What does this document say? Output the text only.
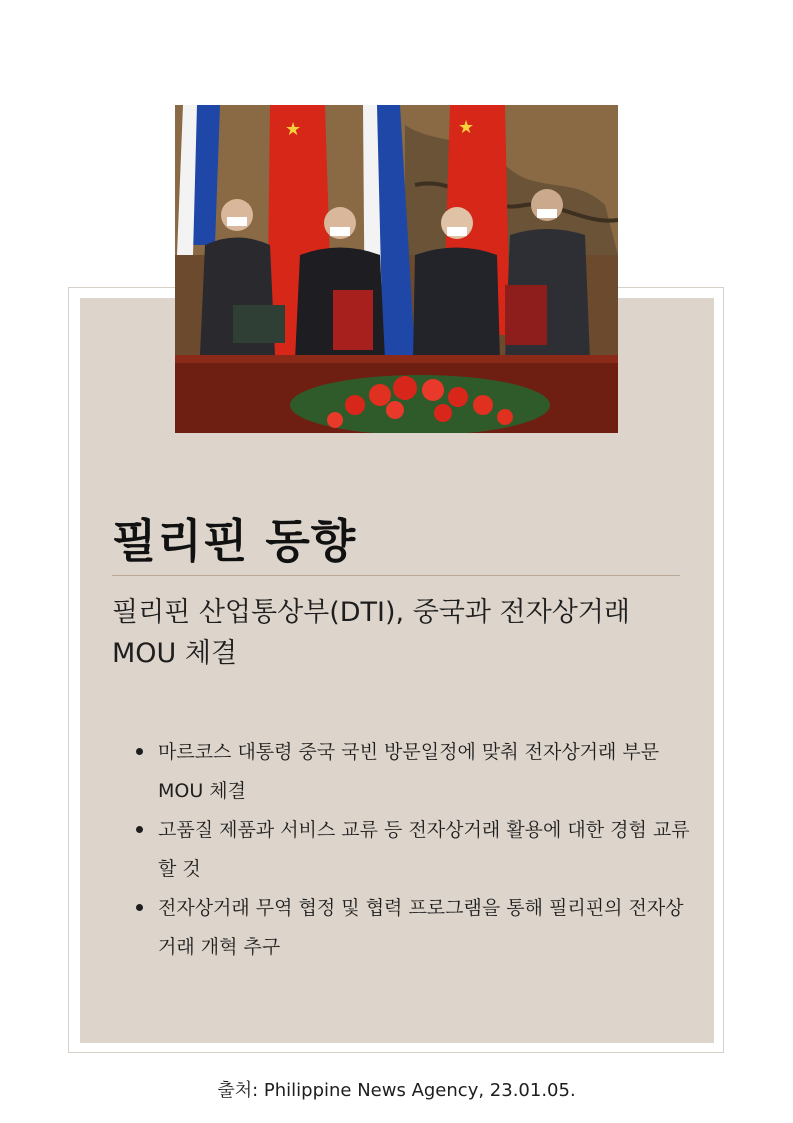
★	★
필리핀 동향
필리핀 산업통상부(DTI), 중국과 전자상거래 MOU 체결
마르코스 대통령 중국 국빈 방문일정에 맞춰 전자상거래 부문 MOU 체결
고품질 제품과 서비스 교류 등 전자상거래 활용에 대한 경험 교류 할 것
전자상거래 무역 협정 및 협력 프로그램을 통해 필리핀의 전자상거래 개혁 추구
출처: Philippine News Agency, 23.01.05.
